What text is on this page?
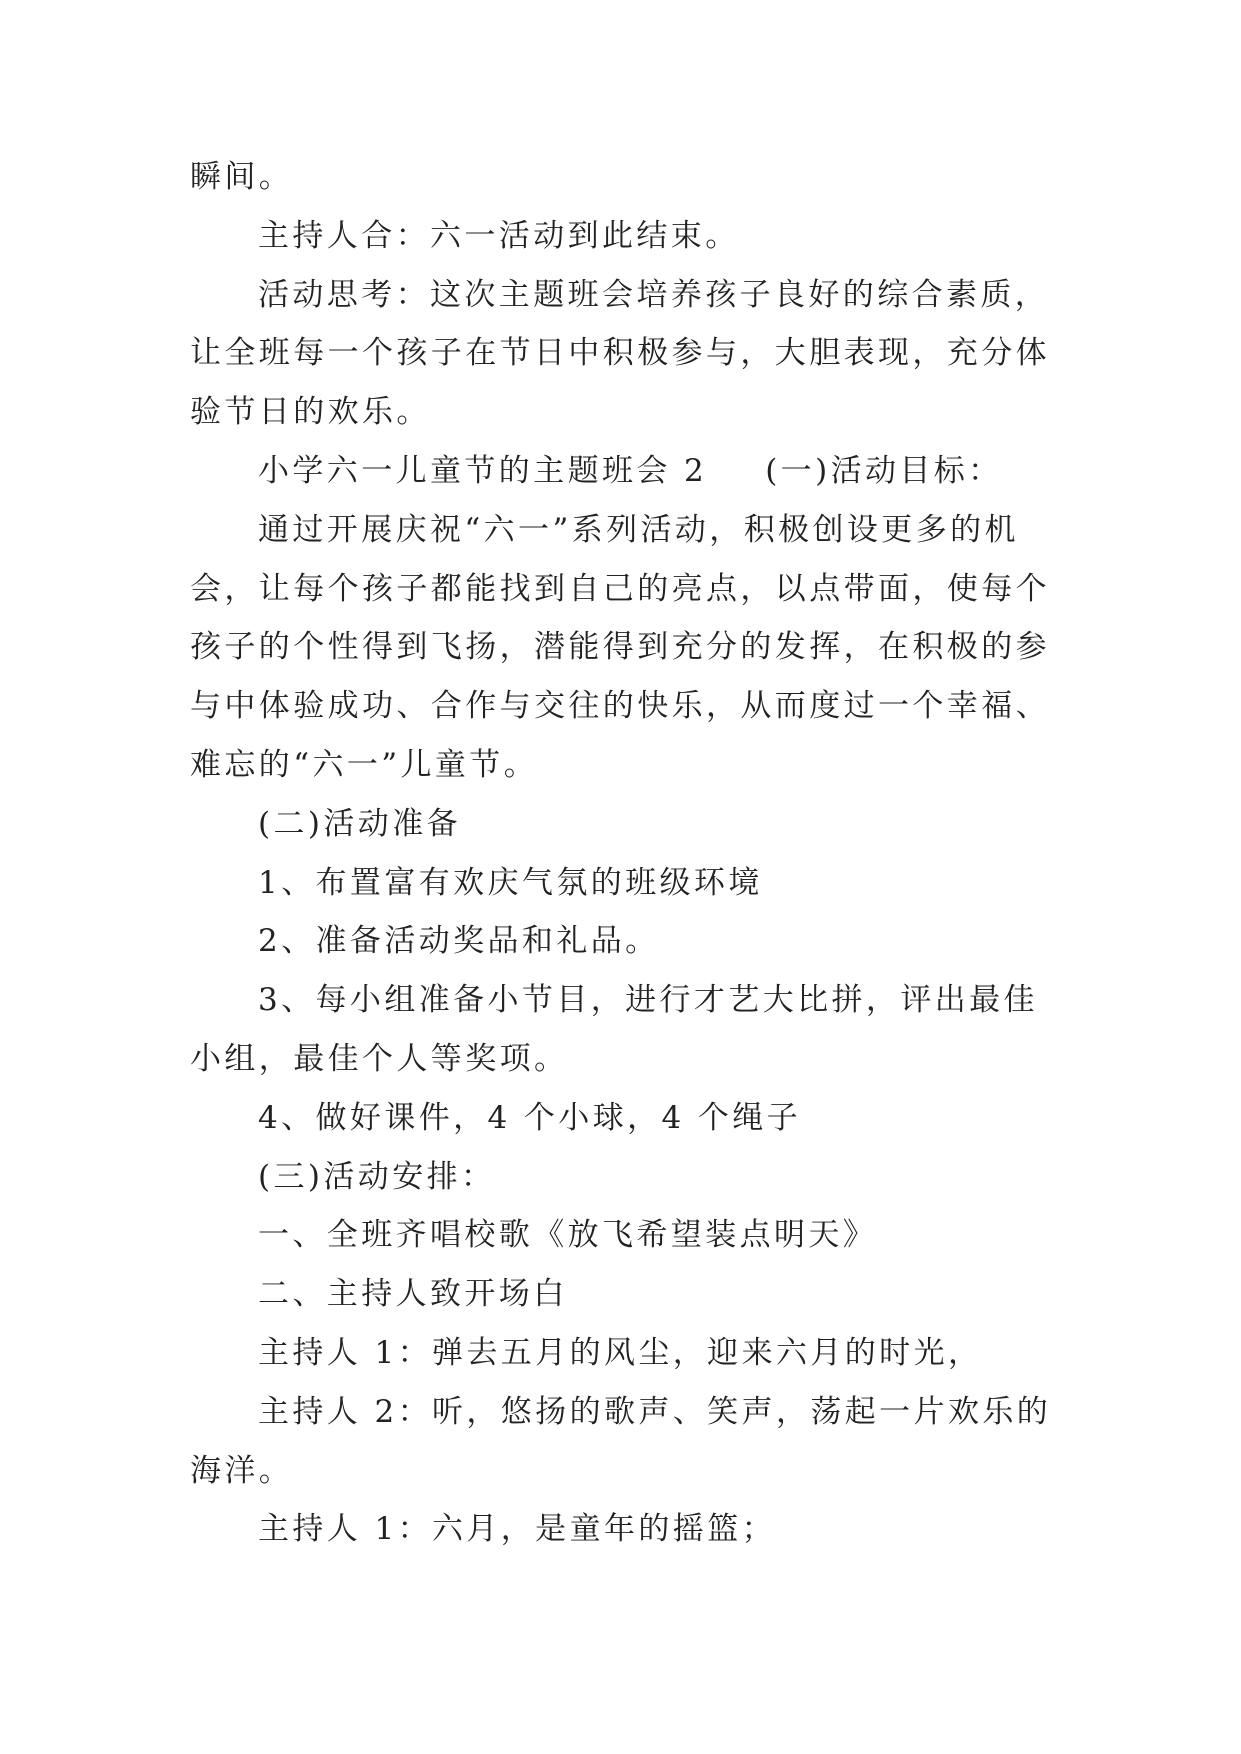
瞬间。

主持人合：六一活动到此结束。

活动思考：这次主题班会培养孩子良好的综合素质，让全班每一个孩子在节日中积极参与，大胆表现，充分体验节日的欢乐。

小学六一儿童节的主题班会 2 (一)活动目标：

通过开展庆祝“六一”系列活动，积极创设更多的机会，让每个孩子都能找到自己的亮点，以点带面，使每个孩子的个性得到飞扬，潜能得到充分的发挥，在积极的参与中体验成功、合作与交往的快乐，从而度过一个幸福、难忘的“六一”儿童节。

(二)活动准备

1、布置富有欢庆气氛的班级环境

2、准备活动奖品和礼品。

3、每小组准备小节目，进行才艺大比拼，评出最佳小组，最佳个人等奖项。

4、做好课件，4 个小球，4 个绳子

(三)活动安排：

一、全班齐唱校歌《放飞希望装点明天》

二、主持人致开场白

主持人 1：弹去五月的风尘，迎来六月的时光，

主持人 2：听，悠扬的歌声、笑声，荡起一片欢乐的海洋。

主持人 1：六月，是童年的摇篮；
